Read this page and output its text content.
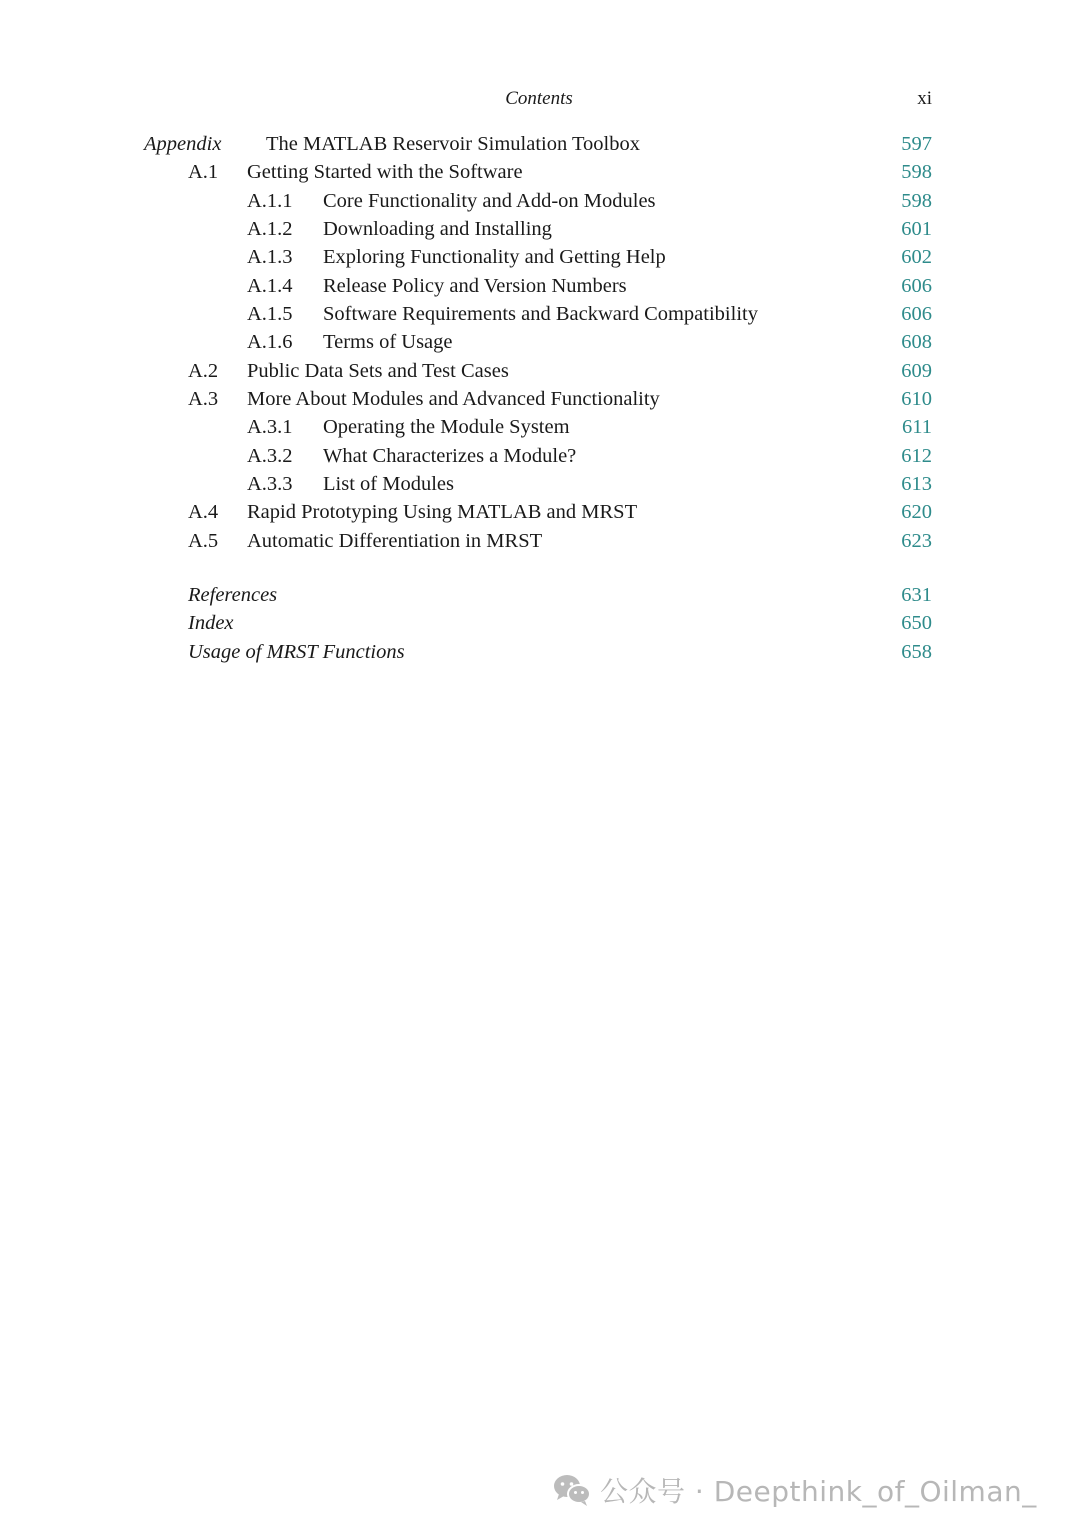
Contents	xi
Appendix The MATLAB Reservoir Simulation Toolbox	597
A.1 Getting Started with the Software	598
A.1.1 Core Functionality and Add-on Modules	598
A.1.2 Downloading and Installing	601
A.1.3 Exploring Functionality and Getting Help	602
A.1.4 Release Policy and Version Numbers	606
A.1.5 Software Requirements and Backward Compatibility	606
A.1.6 Terms of Usage	608
A.2 Public Data Sets and Test Cases	609
A.3 More About Modules and Advanced Functionality	610
A.3.1 Operating the Module System	611
A.3.2 What Characterizes a Module?	612
A.3.3 List of Modules	613
A.4 Rapid Prototyping Using MATLAB and MRST	620
A.5 Automatic Differentiation in MRST	623
References	631
Index	650
Usage of MRST Functions	658
公众号 · Deepthink_of_Oilman_
